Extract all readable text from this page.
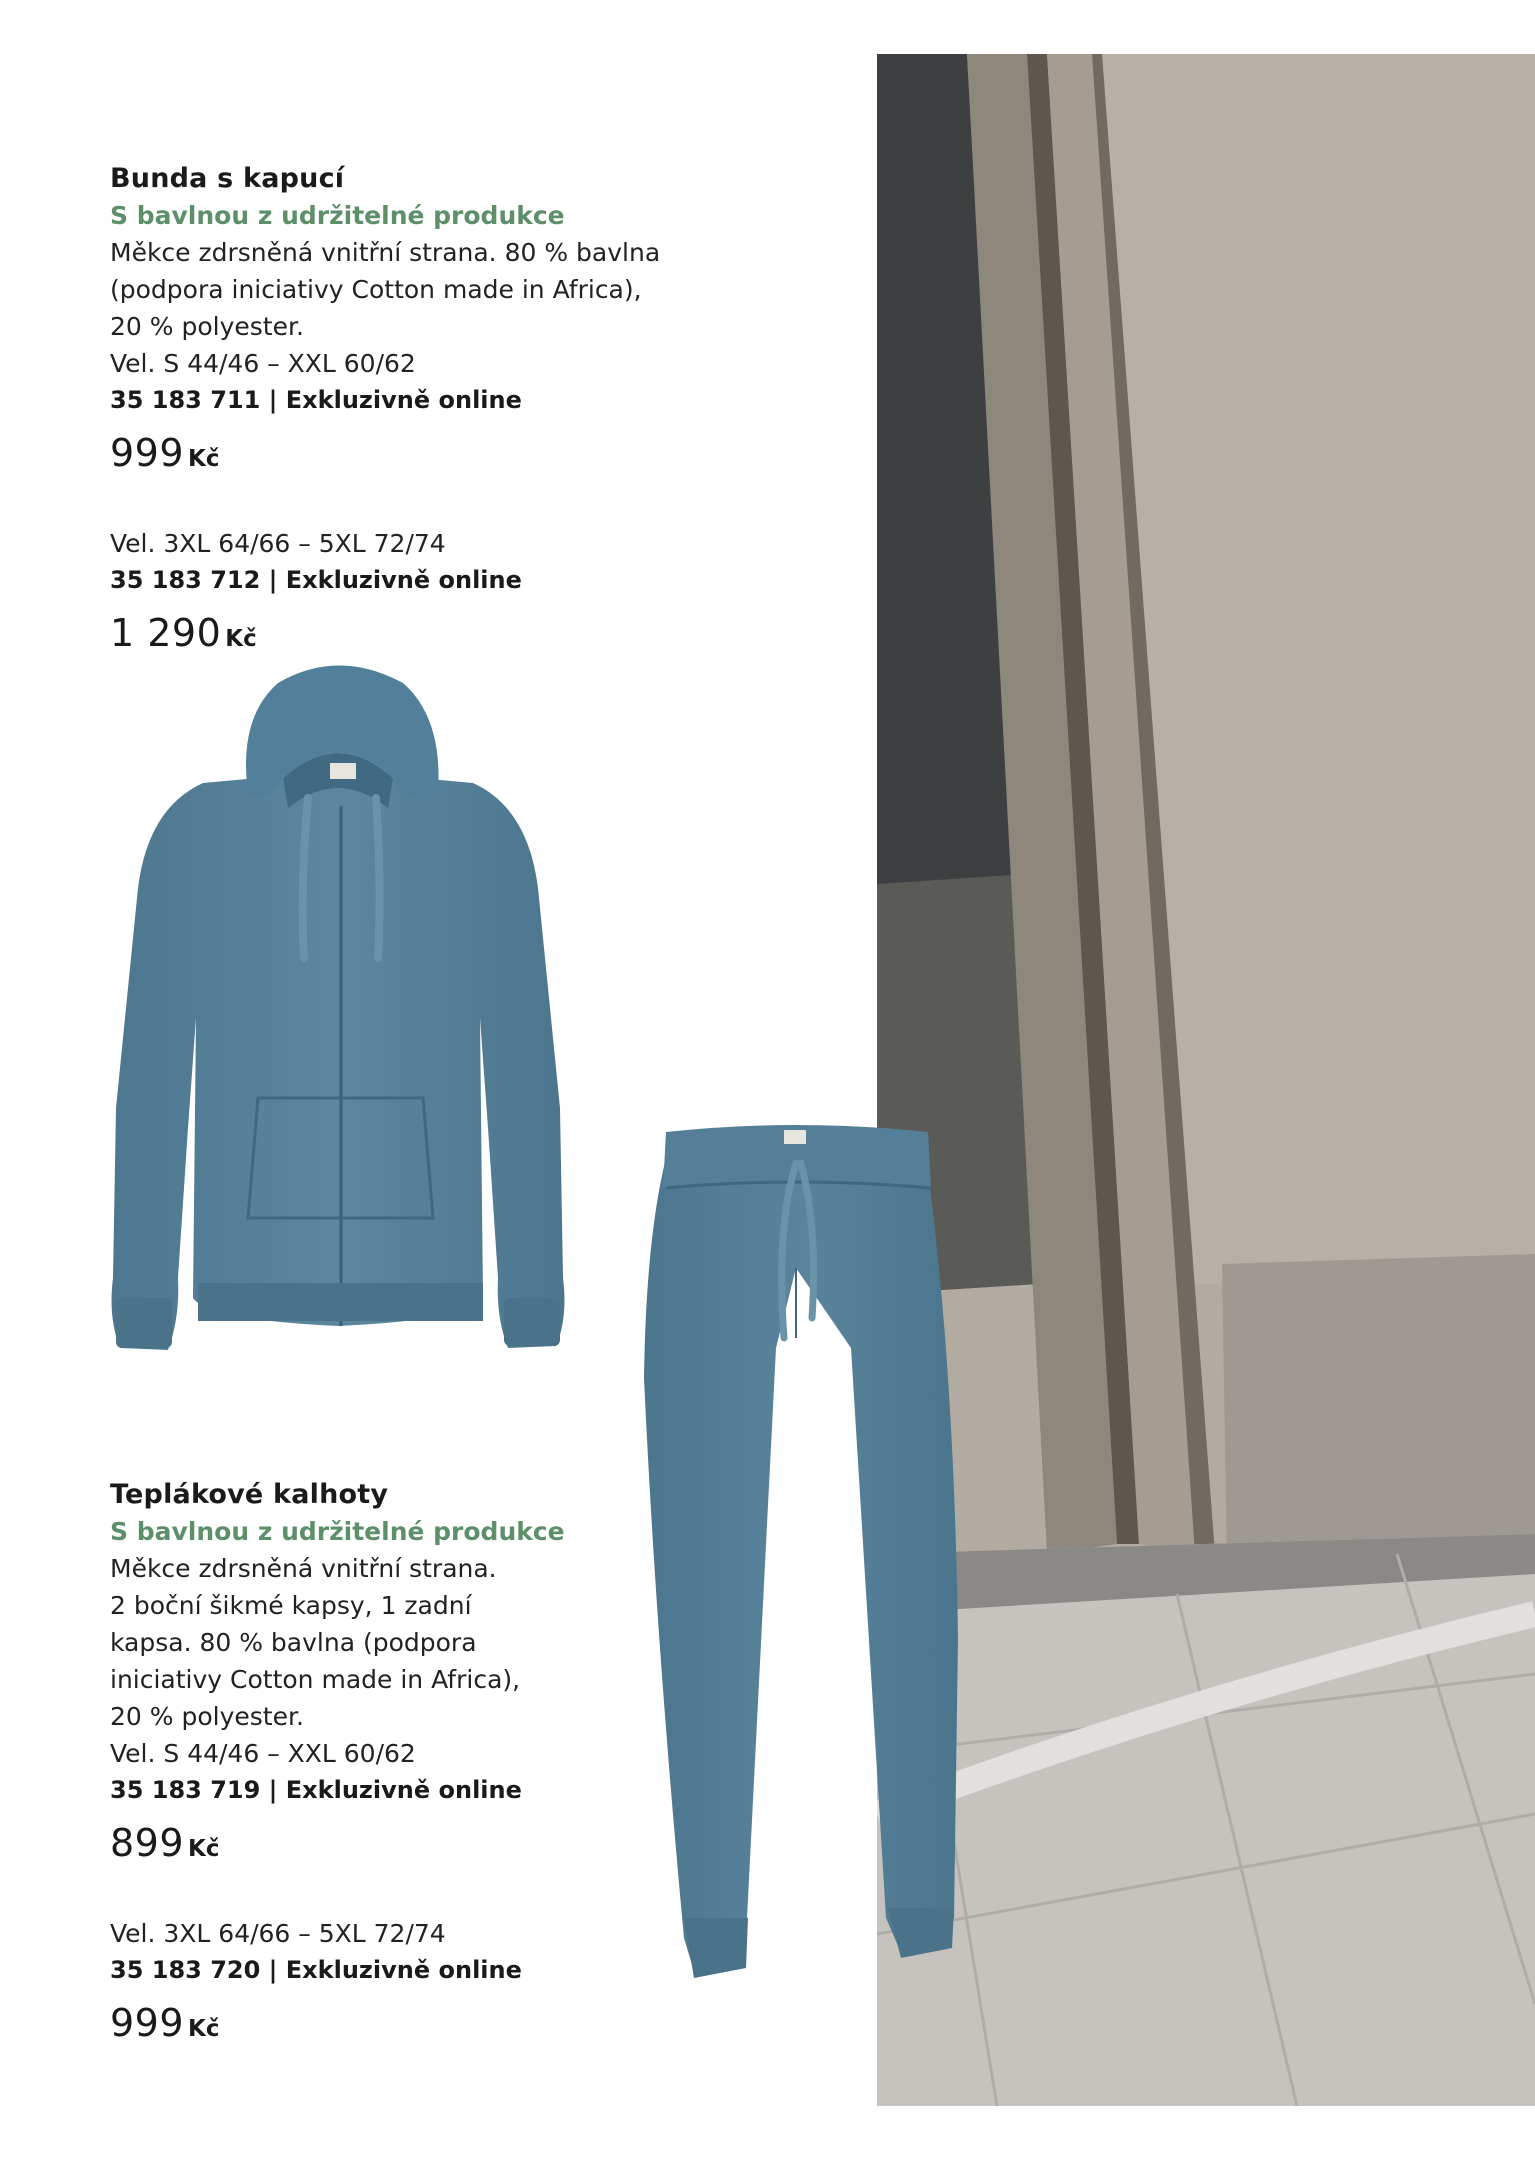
Bunda s kapucí
S bavlnou z udržitelné produkce
Měkce zdrsněná vnitřní strana. 80 % bavlna
(podpora iniciativy Cotton made in Africa),
20 % polyester.
Vel. S 44/46 – XXL 60/62
35 183 711 | Exkluzivně online
999 Kč
Vel. 3XL 64/66 – 5XL 72/74
35 183 712 | Exkluzivně online
1 290 Kč
Teplákové kalhoty
S bavlnou z udržitelné produkce
Měkce zdrsněná vnitřní strana.
2 boční šikmé kapsy, 1 zadní
kapsa. 80 % bavlna (podpora
iniciativy Cotton made in Africa),
20 % polyester.
Vel. S 44/46 – XXL 60/62
35 183 719 | Exkluzivně online
899 Kč
Vel. 3XL 64/66 – 5XL 72/74
35 183 720 | Exkluzivně online
999 Kč
